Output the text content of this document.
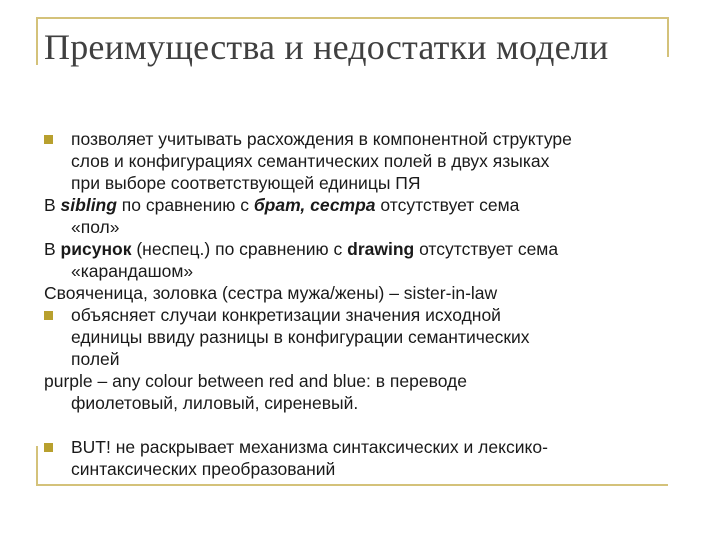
Преимущества и недостатки модели
позволяет учитывать расхождения в компонентной структуре
слов и конфигурациях семантических полей в двух языках
при выборе соответствующей единицы ПЯ
В sibling по сравнению с брат, сестра отсутствует сема
«пол»
В рисунок (неспец.) по сравнению с drawing отсутствует сема
«карандашом»
Свояченица, золовка (сестра мужа/жены) – sister-in-law
объясняет случаи конкретизации значения исходной
единицы ввиду разницы в конфигурации семантических
полей
purple – any colour between red and blue: в переводе
фиолетовый, лиловый, сиреневый.
BUT! не раскрывает механизма синтаксических и лексико-
синтаксических преобразований
